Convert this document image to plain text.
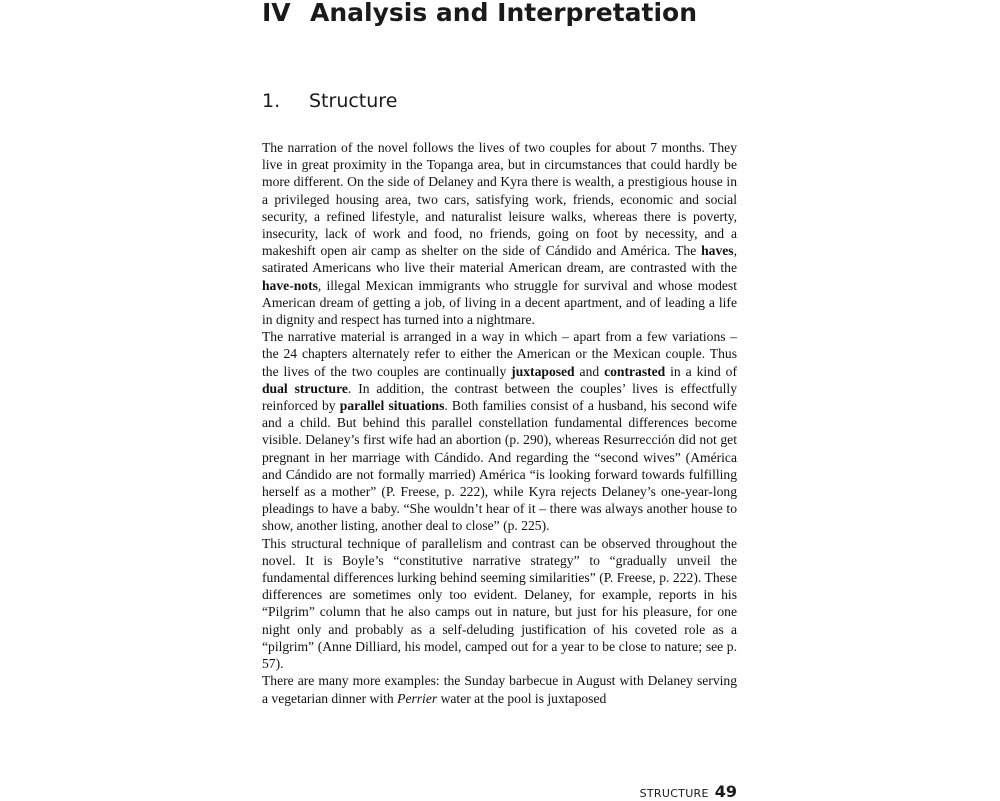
IV Analysis and Interpretation
1. Structure

The narration of the novel follows the lives of two couples for about 7 months. They live in great proximity in the Topanga area, but in circumstances that could hardly be more different. On the side of Delaney and Kyra there is wealth, a prestigious house in a privileged housing area, two cars, satisfying work, friends, economic and social security, a refined lifestyle, and naturalist leisure walks, whereas there is poverty, insecurity, lack of work and food, no friends, going on foot by necessity, and a makeshift open air camp as shelter on the side of Cándido and América. The haves, satirated Americans who live their material American dream, are contrasted with the have-nots, illegal Mexican immigrants who struggle for survival and whose modest American dream of getting a job, of living in a decent apartment, and of leading a life in dignity and respect has turned into a nightmare.

The narrative material is arranged in a way in which – apart from a few variations – the 24 chapters alternately refer to either the American or the Mexican couple. Thus the lives of the two couples are continually juxtaposed and contrasted in a kind of dual structure. In addition, the contrast between the couples’ lives is effectfully reinforced by parallel situations. Both families consist of a husband, his second wife and a child. But behind this parallel constellation fundamental differences become visible. Delaney’s first wife had an abortion (p. 290), whereas Resurrección did not get pregnant in her marriage with Cándido. And regarding the “second wives” (América and Cándido are not formally married) América “is looking forward towards fulfilling herself as a mother” (P. Freese, p. 222), while Kyra rejects Delaney’s one-year-long pleadings to have a baby. “She wouldn’t hear of it – there was always another house to show, another listing, another deal to close” (p. 225).

This structural technique of parallelism and contrast can be observed throughout the novel. It is Boyle’s “constitutive narrative strategy” to “gradually unveil the fundamental differences lurking behind seeming similarities” (P. Freese, p. 222). These differences are sometimes only too evident. Delaney, for example, reports in his “Pilgrim” column that he also camps out in nature, but just for his pleasure, for one night only and probably as a self-deluding justification of his coveted role as a “pilgrim” (Anne Dilliard, his model, camped out for a year to be close to nature; see p. 57).

There are many more examples: the Sunday barbecue in August with Delaney serving a vegetarian dinner with Perrier water at the pool is juxtaposed

STRUCTURE 49
